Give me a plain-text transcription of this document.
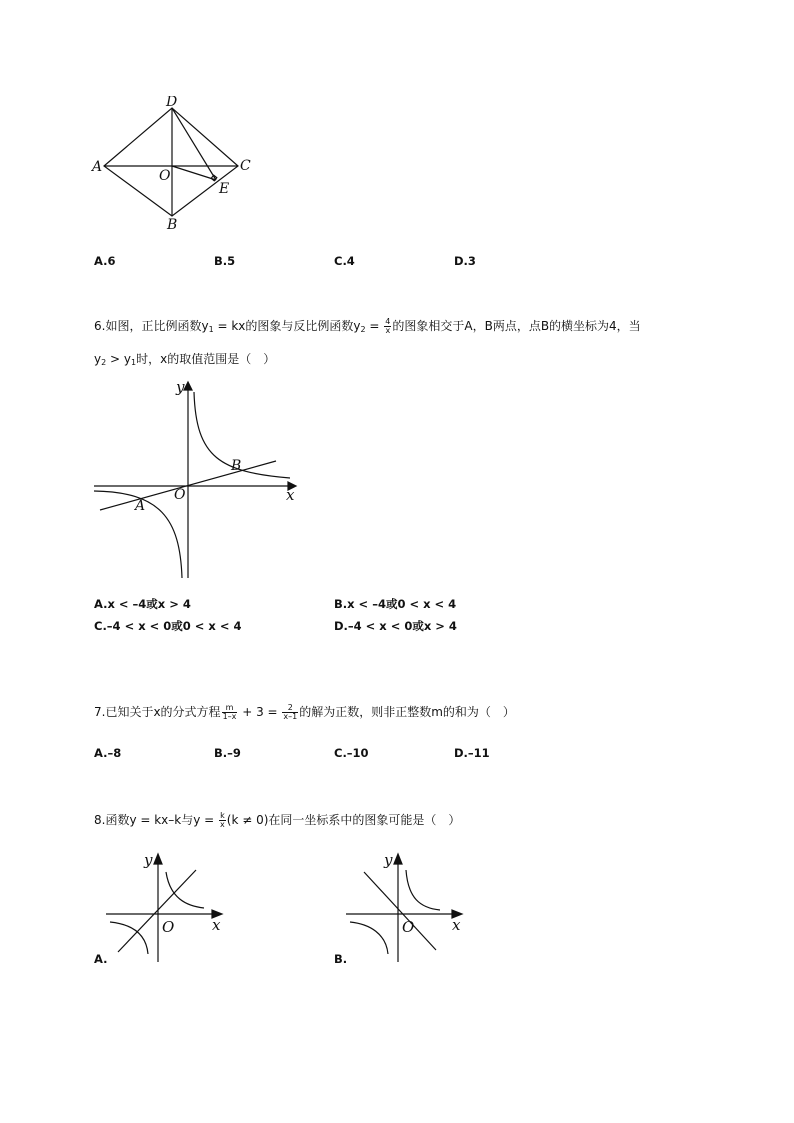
A
D
C
O
E
B
A.6	B.5	C.4	D.3
6.如图，正比例函数$y_1$ = kx的图象与反比例函数$y_2 = \frac{4}{x}$ 的图象相交于A，B两点，点B的横坐标为4，当
$y_2 > y_1$时，x的取值范围是（　）
y
x
O
A
B
A.x < –4或x > 4	B.x < –4或0 < x < 4
C.–4 < x < 0或0 < x < 4	D.–4 < x < 0或x > 4
7.已知关于x的分式方程 $\frac{m}{1-x} + 3 = \frac{2}{x-1}$ 的解为正数，则非正整数m的和为（　）
A.–8	B.–9	C.–10	D.–11
8.函数y = kx–k与$y = \frac{k}{x} (k \ne 0)$在同一坐标系中的图象可能是（　）
y
x
O
A.
y
x
O
B.
